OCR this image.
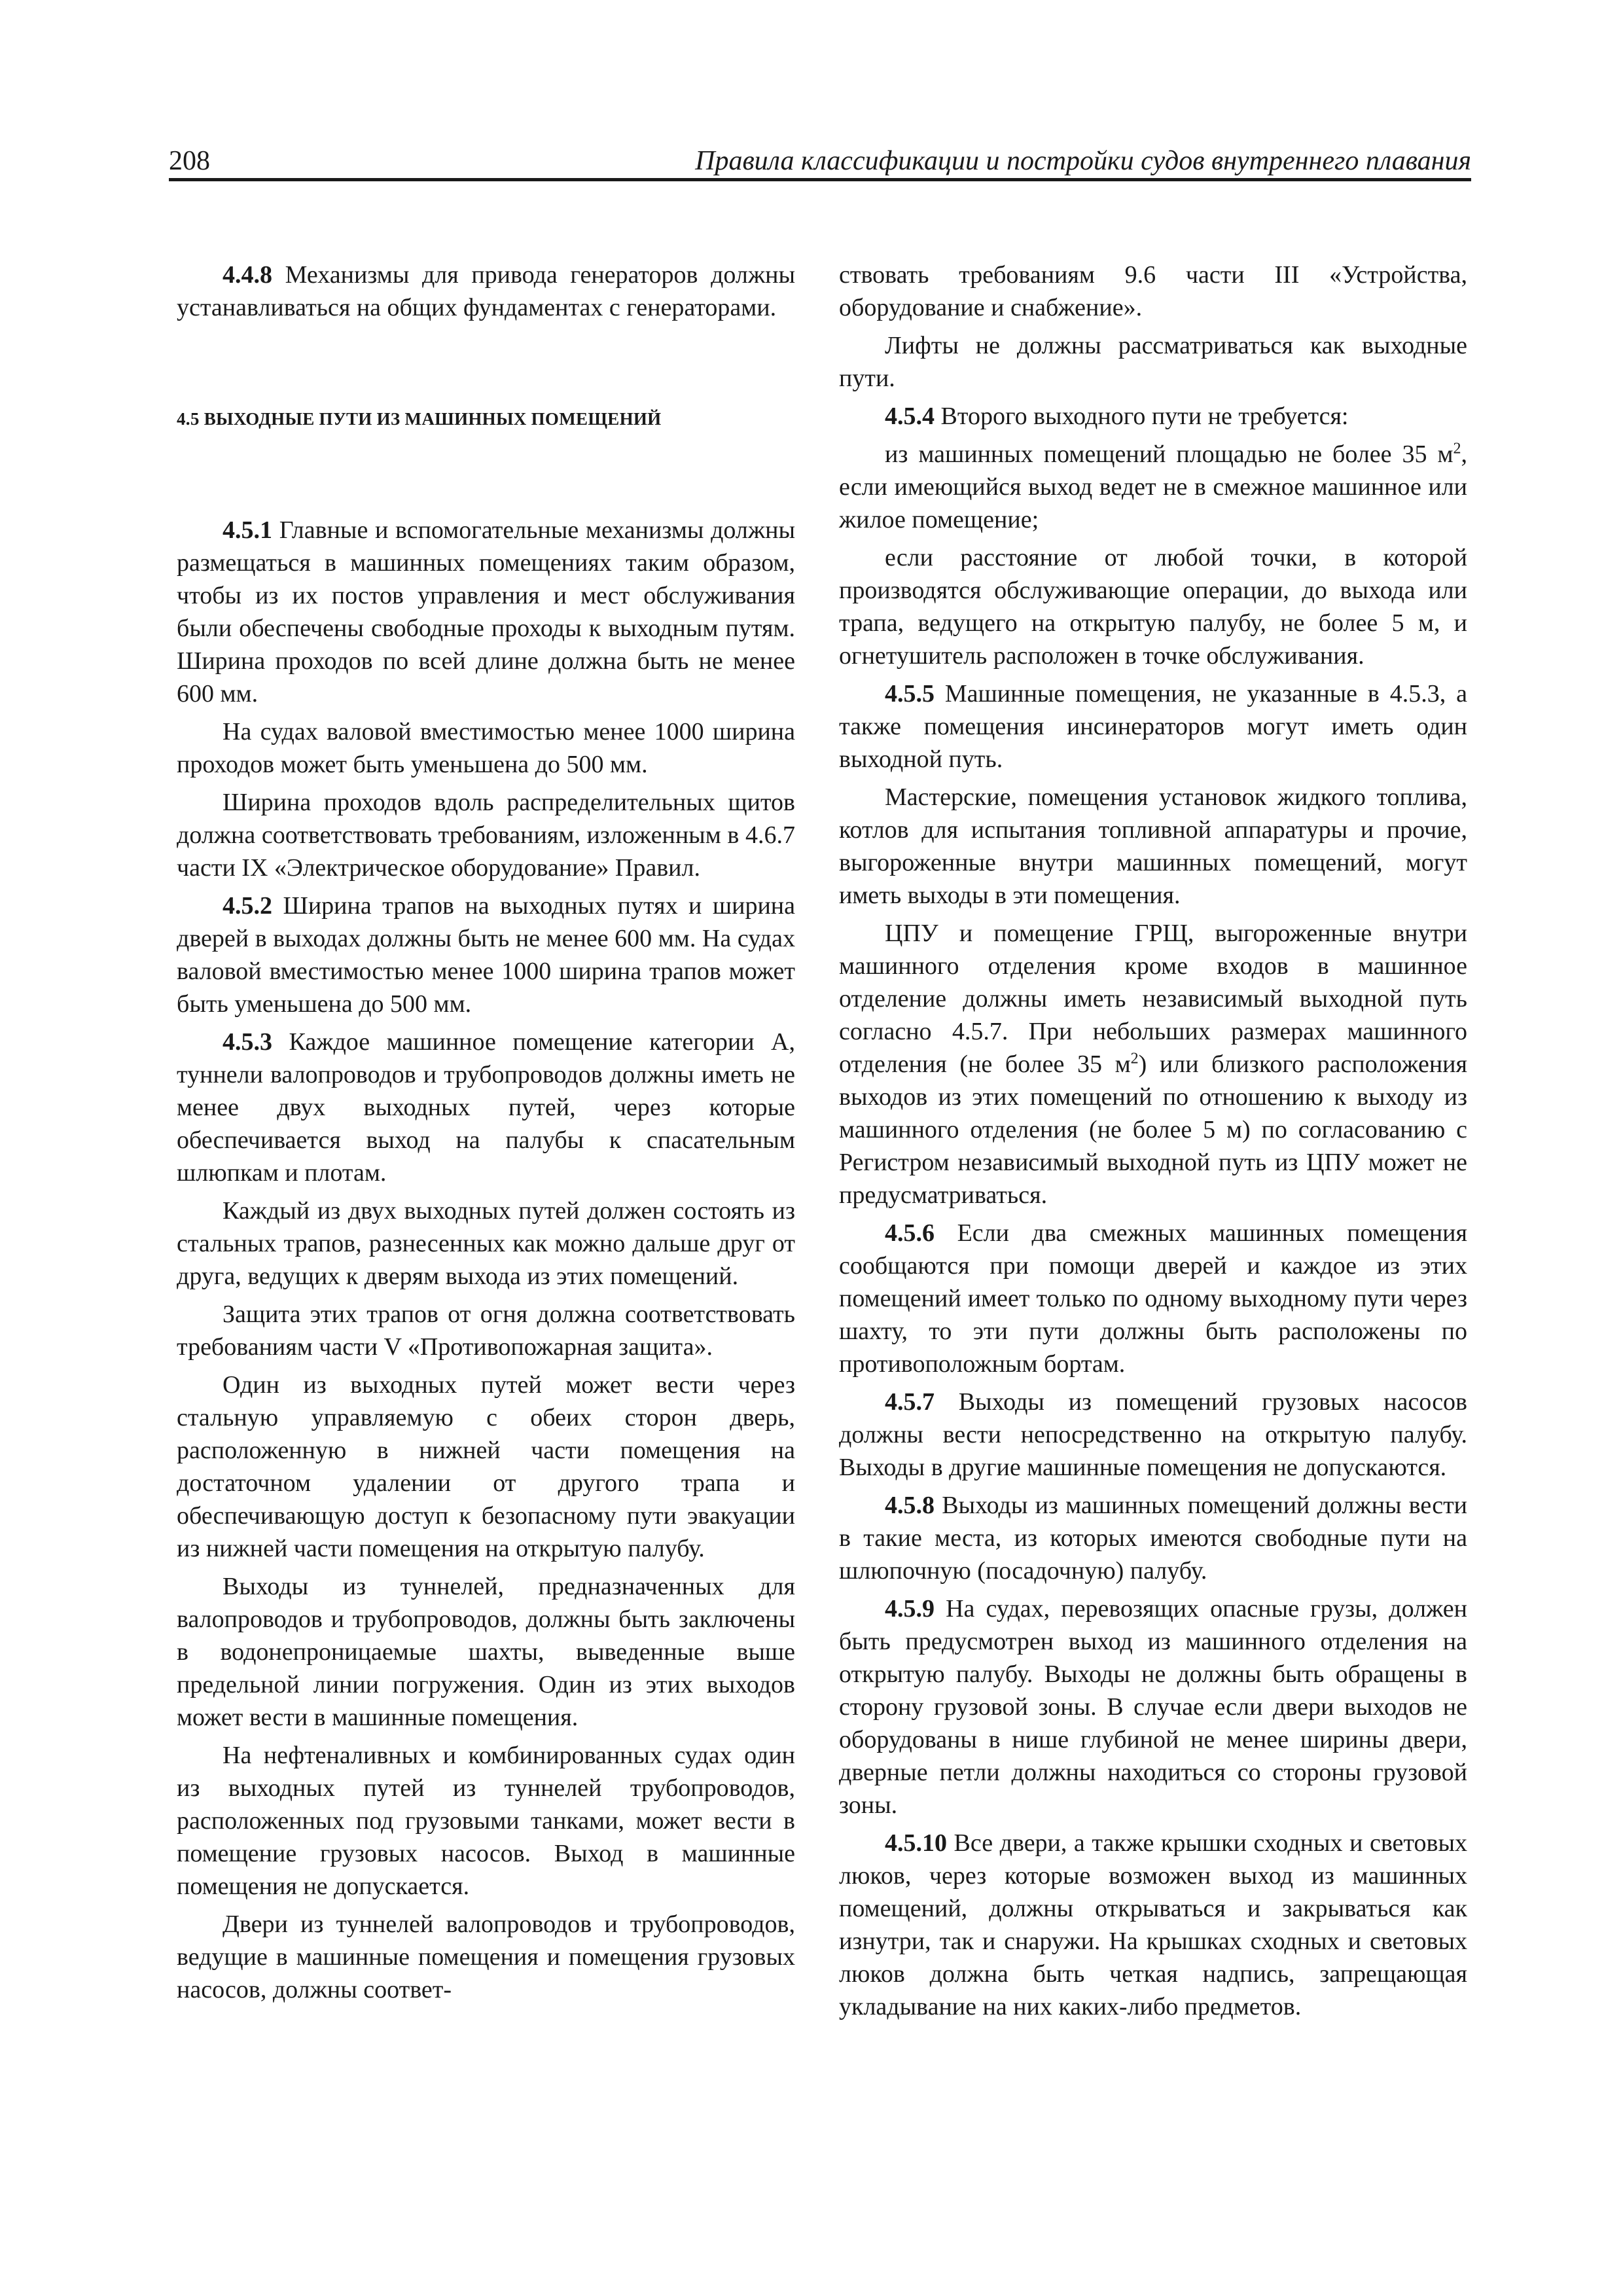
208	Правила классификации и постройки судов внутреннего плавания

4.4.8 Механизмы для привода генераторов должны устанавливаться на общих фундаментах с генераторами.

4.5 ВЫХОДНЫЕ ПУТИ ИЗ МАШИННЫХ ПОМЕЩЕНИЙ

4.5.1 Главные и вспомогательные механизмы должны размещаться в машинных помещениях таким образом, чтобы из их постов управления и мест обслуживания были обеспечены свободные проходы к выходным путям. Ширина проходов по всей длине должна быть не менее 600 мм.

На судах валовой вместимостью менее 1000 ширина проходов может быть уменьшена до 500 мм.

Ширина проходов вдоль распределительных щитов должна соответствовать требованиям, изложенным в 4.6.7 части IX «Электрическое оборудование» Правил.

4.5.2 Ширина трапов на выходных путях и ширина дверей в выходах должны быть не менее 600 мм. На судах валовой вместимостью менее 1000 ширина трапов может быть уменьшена до 500 мм.

4.5.3 Каждое машинное помещение категории А, туннели валопроводов и трубопроводов должны иметь не менее двух выходных путей, через которые обеспечивается выход на палубы к спасательным шлюпкам и плотам.

Каждый из двух выходных путей должен состоять из стальных трапов, разнесенных как можно дальше друг от друга, ведущих к дверям выхода из этих помещений.

Защита этих трапов от огня должна соответствовать требованиям части V «Противопожарная защита».

Один из выходных путей может вести через стальную управляемую с обеих сторон дверь, расположенную в нижней части помещения на достаточном удалении от другого трапа и обеспечивающую доступ к безопасному пути эвакуации из нижней части помещения на открытую палубу.

Выходы из туннелей, предназначенных для валопроводов и трубопроводов, должны быть заключены в водонепроницаемые шахты, выведенные выше предельной линии погружения. Один из этих выходов может вести в машинные помещения.

На нефтеналивных и комбинированных судах один из выходных путей из туннелей трубопроводов, расположенных под грузовыми танками, может вести в помещение грузовых насосов. Выход в машинные помещения не допускается.

Двери из туннелей валопроводов и трубопроводов, ведущие в машинные помещения и помещения грузовых насосов, должны соответ-

ствовать требованиям 9.6 части III «Устройства, оборудование и снабжение».

Лифты не должны рассматриваться как выходные пути.

4.5.4 Второго выходного пути не требуется:

из машинных помещений площадью не более 35 $м^2$, если имеющийся выход ведет не в смежное машинное или жилое помещение;

если расстояние от любой точки, в которой производятся обслуживающие операции, до выхода или трапа, ведущего на открытую палубу, не более 5 м, и огнетушитель расположен в точке обслуживания.

4.5.5 Машинные помещения, не указанные в 4.5.3, а также помещения инсинераторов могут иметь один выходной путь.

Мастерские, помещения установок жидкого топлива, котлов для испытания топливной аппаратуры и прочие, выгороженные внутри машинных помещений, могут иметь выходы в эти помещения.

ЦПУ и помещение ГРЩ, выгороженные внутри машинного отделения кроме входов в машинное отделение должны иметь независимый выходной путь согласно 4.5.7. При небольших размерах машинного отделения (не более 35 $м^2$) или близкого расположения выходов из этих помещений по отношению к выходу из машинного отделения (не более 5 м) по согласованию с Регистром независимый выходной путь из ЦПУ может не предусматриваться.

4.5.6 Если два смежных машинных помещения сообщаются при помощи дверей и каждое из этих помещений имеет только по одному выходному пути через шахту, то эти пути должны быть расположены по противоположным бортам.

4.5.7 Выходы из помещений грузовых насосов должны вести непосредственно на открытую палубу. Выходы в другие машинные помещения не допускаются.

4.5.8 Выходы из машинных помещений должны вести в такие места, из которых имеются свободные пути на шлюпочную (посадочную) палубу.

4.5.9 На судах, перевозящих опасные грузы, должен быть предусмотрен выход из машинного отделения на открытую палубу. Выходы не должны быть обращены в сторону грузовой зоны. В случае если двери выходов не оборудованы в нише глубиной не менее ширины двери, дверные петли должны находиться со стороны грузовой зоны.

4.5.10 Все двери, а также крышки сходных и световых люков, через которые возможен выход из машинных помещений, должны открываться и закрываться как изнутри, так и снаружи. На крышках сходных и световых люков должна быть четкая надпись, запрещающая укладывание на них каких-либо предметов.
